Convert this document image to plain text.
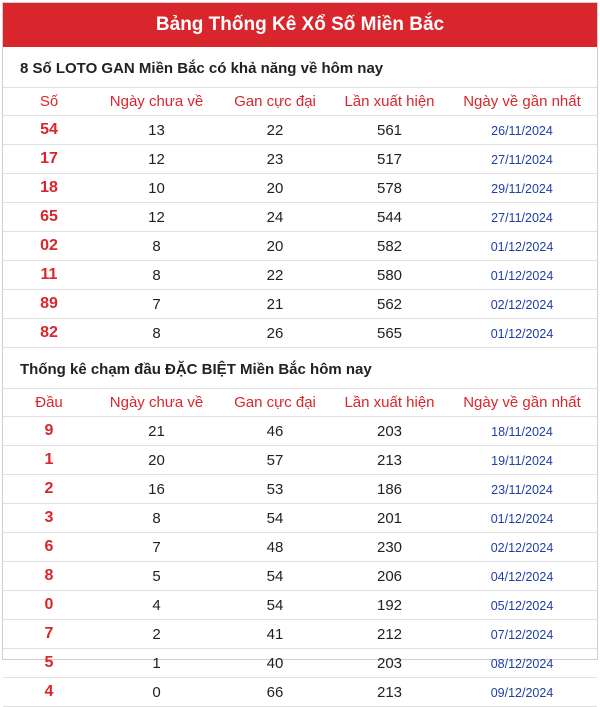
Bảng Thống Kê Xổ Số Miền Bắc
8 Số LOTO GAN Miền Bắc có khả năng về hôm nay
Số	Ngày chưa về	Gan cực đại	Lần xuất hiện	Ngày về gần nhất
54	13	22	561	26/11/2024
17	12	23	517	27/11/2024
18	10	20	578	29/11/2024
65	12	24	544	27/11/2024
02	8	20	582	01/12/2024
11	8	22	580	01/12/2024
89	7	21	562	02/12/2024
82	8	26	565	01/12/2024
Thống kê chạm đầu ĐẶC BIỆT Miền Bắc hôm nay
Đầu	Ngày chưa về	Gan cực đại	Lần xuất hiện	Ngày về gần nhất
9	21	46	203	18/11/2024
1	20	57	213	19/11/2024
2	16	53	186	23/11/2024
3	8	54	201	01/12/2024
6	7	48	230	02/12/2024
8	5	54	206	04/12/2024
0	4	54	192	05/12/2024
7	2	41	212	07/12/2024
5	1	40	203	08/12/2024
4	0	66	213	09/12/2024
